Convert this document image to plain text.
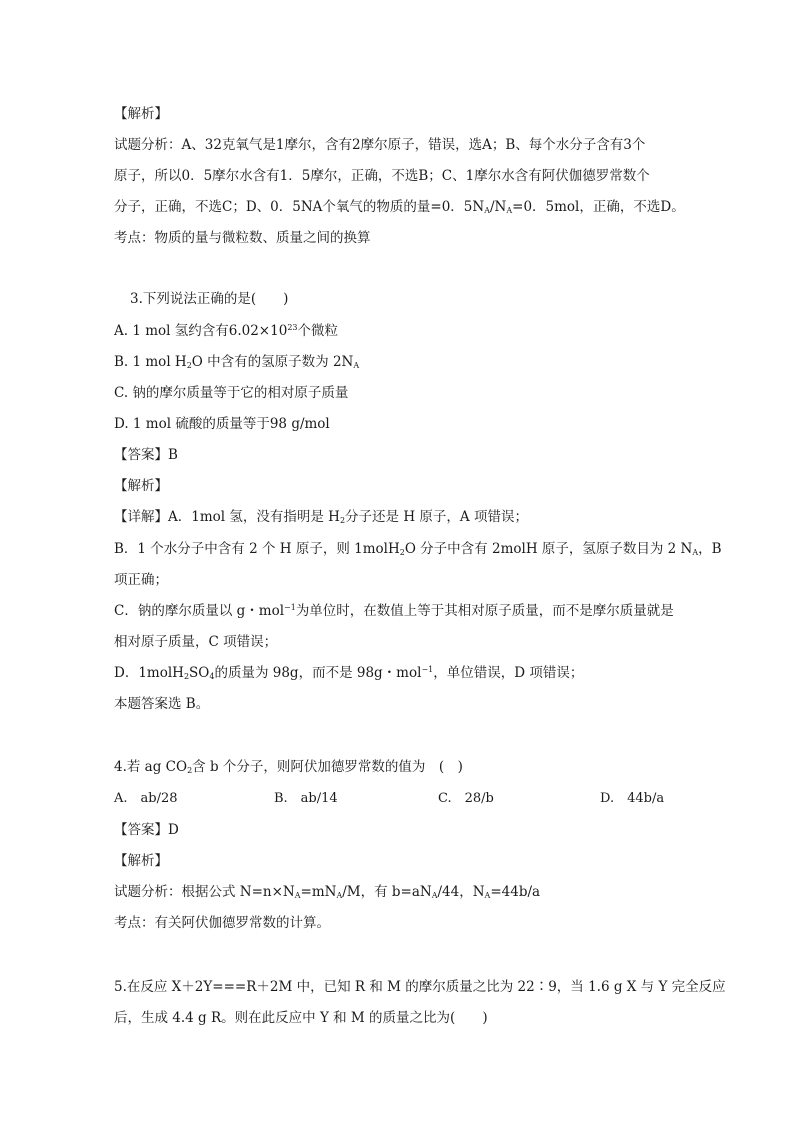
【解析】
试题分析：A、32克氧气是1摩尔，含有2摩尔原子，错误，选A；B、每个水分子含有3个
原子，所以0．5摩尔水含有1．5摩尔，正确，不选B；C、1摩尔水含有阿伏伽德罗常数个
分子，正确，不选C；D、0．5NA个氧气的物质的量=0．$5N_A/N_A=0$．5mol，正确，不选D。
考点：物质的量与微粒数、质量之间的换算
3.下列说法正确的是(　　)
A. 1 mol 氢约含有$6.02\times 10^{23}$个微粒
B. 1 mol $H_2O$ 中含有的氢原子数为 $2N_A$
C. 钠的摩尔质量等于它的相对原子质量
D. 1 mol 硫酸的质量等于98 g/mol
【答案】B
【解析】
【详解】A．1mol 氢，没有指明是 $H_2$分子还是 H 原子，A 项错误；
B．1 个水分子中含有 2 个 H 原子，则 1molH$_2$O 分子中含有 2molH 原子，氢原子数目为 2 $N_A$，B
项正确；
C．钠的摩尔质量以 g・mol$^{-1}$为单位时，在数值上等于其相对原子质量，而不是摩尔质量就是
相对原子质量，C 项错误；
D．$1molH_2SO_4$的质量为 98g，而不是 98g・mol$^{-1}$，单位错误，D 项错误；
本题答案选 B。
4.若 ag $CO_2$含 b 个分子，则阿伏加德罗常数的值为　(　)
A.　ab/28	B.　ab/14	C.　28/b	D.　44b/a
【答案】D
【解析】
试题分析：根据公式 $N=n\times N_A=mN_A/M$，有 $b=aN_A/44$，$N_A=44b/a$
考点：有关阿伏伽德罗常数的计算。
5.在反应 X＋2Y===R＋2M 中，已知 R 和 M 的摩尔质量之比为 22∶9，当 1.6 g X 与 Y 完全反应
后，生成 4.4 g R。则在此反应中 Y 和 M 的质量之比为(　　)
